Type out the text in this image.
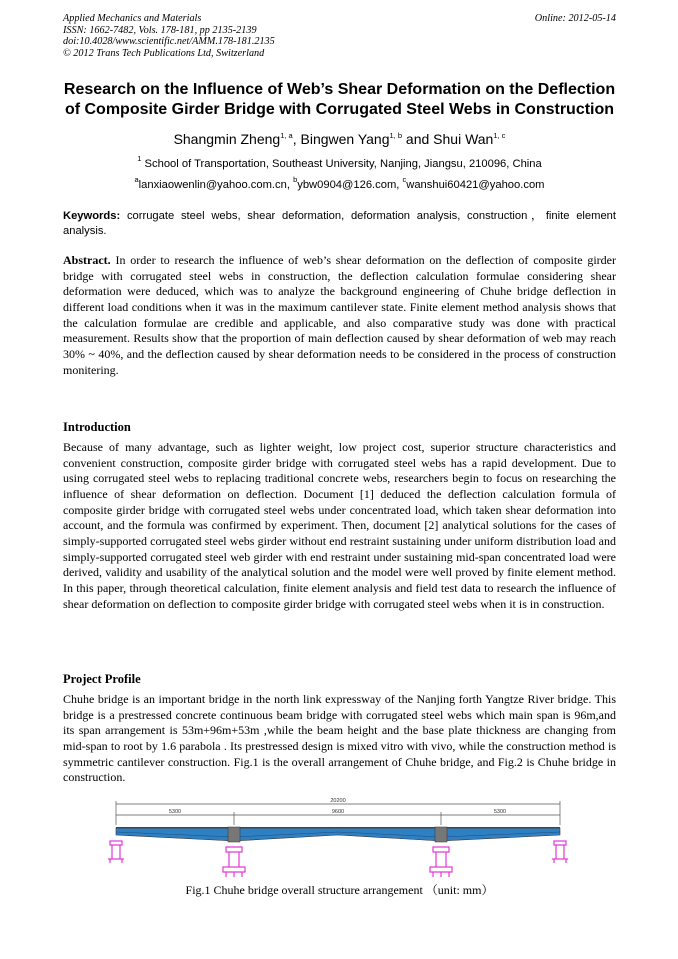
Applied Mechanics and Materials
ISSN: 1662-7482, Vols. 178-181, pp 2135-2139
doi:10.4028/www.scientific.net/AMM.178-181.2135
© 2012 Trans Tech Publications Ltd, Switzerland
Online: 2012-05-14
Research on the Influence of Web’s Shear Deformation on the Deflection
of Composite Girder Bridge with Corrugated Steel Webs in Construction
Shangmin Zheng$^{1, a}$, Bingwen Yang$^{1, b}$ and Shui Wan$^{1, c}$
$^1$ School of Transportation, Southeast University, Nanjing, Jiangsu, 210096, China
$^a$lanxiaowenlin@yahoo.com.cn, $^b$ybw0904@126.com, $^c$wanshui60421@yahoo.com
Keywords: corrugate steel webs, shear deformation, deformation analysis, construction，finite element analysis.
Abstract. In order to research the influence of web’s shear deformation on the deflection of composite girder bridge with corrugated steel webs in construction, the deflection calculation formulae considering shear deformation were deduced, which was to analyze the background engineering of Chuhe bridge deflection in different load conditions when it was in the maximum cantilever state. Finite element method analysis shows that the calculation formulae are credible and applicable, and also comparative study was done with practical measurement. Results show that the proportion of main deflection caused by shear deformation of web may reach 30% ~ 40%, and the deflection caused by shear deformation needs to be considered in the process of construction monitering.
Introduction
Because of many advantage, such as lighter weight, low project cost, superior structure characteristics and convenient construction, composite girder bridge with corrugated steel webs has a rapid development. Due to using corrugated steel webs to replacing traditional concrete webs, researchers begin to focus on researching the influence of shear deformation on deflection. Document [1] deduced the deflection calculation formula of composite girder bridge with corrugated steel webs under concentrated load, which taken shear deformation into account, and the formula was confirmed by experiment. Then, document [2] analytical solutions for the cases of simply-supported corrugated steel webs girder without end restraint sustaining under uniform distribution load and simply-supported corrugated steel web girder with end restraint under sustaining mid-span concentrated load were derived, validity and usability of the analytical solution and the model were well proved by finite element method. In this paper, through theoretical calculation, finite element analysis and field test data to research the influence of shear deformation on deflection to composite girder bridge with corrugated steel webs when it is in construction.
Project Profile
Chuhe bridge is an important bridge in the north link expressway of the Nanjing forth Yangtze River bridge. This bridge is a prestressed concrete continuous beam bridge with corrugated steel webs which main span is 96m,and its span arrangement is 53m+96m+53m ,while the beam height and the base plate thickness are changing from mid-span to root by 1.6 parabola . Its prestressed design is mixed vitro with vivo, while the construction method is symmetric cantilever construction. Fig.1 is the overall arrangement of Chuhe bridge, and Fig.2 is Chuhe bridge in construction.
20200
5300	9600	5300
Fig.1 Chuhe bridge overall structure arrangement （unit: mm）
